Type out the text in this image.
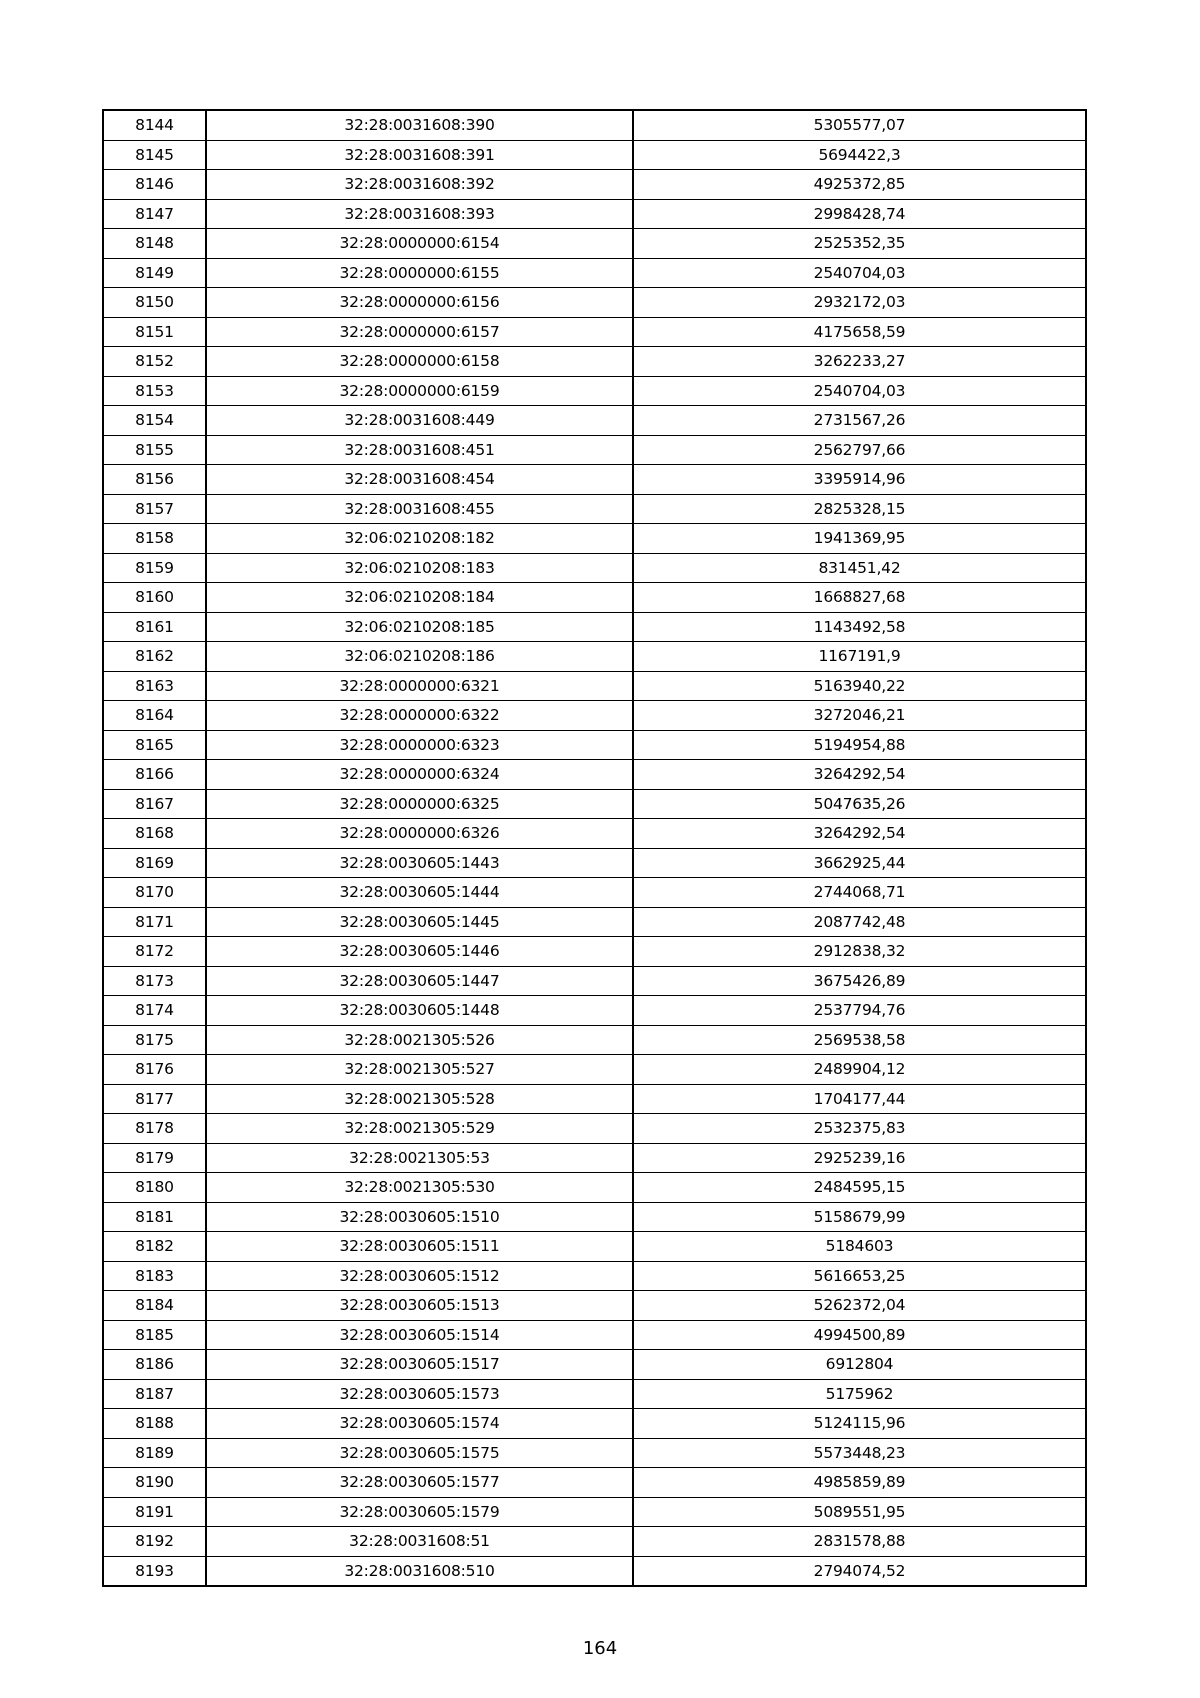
8144	32:28:0031608:390	5305577,07
8145	32:28:0031608:391	5694422,3
8146	32:28:0031608:392	4925372,85
8147	32:28:0031608:393	2998428,74
8148	32:28:0000000:6154	2525352,35
8149	32:28:0000000:6155	2540704,03
8150	32:28:0000000:6156	2932172,03
8151	32:28:0000000:6157	4175658,59
8152	32:28:0000000:6158	3262233,27
8153	32:28:0000000:6159	2540704,03
8154	32:28:0031608:449	2731567,26
8155	32:28:0031608:451	2562797,66
8156	32:28:0031608:454	3395914,96
8157	32:28:0031608:455	2825328,15
8158	32:06:0210208:182	1941369,95
8159	32:06:0210208:183	831451,42
8160	32:06:0210208:184	1668827,68
8161	32:06:0210208:185	1143492,58
8162	32:06:0210208:186	1167191,9
8163	32:28:0000000:6321	5163940,22
8164	32:28:0000000:6322	3272046,21
8165	32:28:0000000:6323	5194954,88
8166	32:28:0000000:6324	3264292,54
8167	32:28:0000000:6325	5047635,26
8168	32:28:0000000:6326	3264292,54
8169	32:28:0030605:1443	3662925,44
8170	32:28:0030605:1444	2744068,71
8171	32:28:0030605:1445	2087742,48
8172	32:28:0030605:1446	2912838,32
8173	32:28:0030605:1447	3675426,89
8174	32:28:0030605:1448	2537794,76
8175	32:28:0021305:526	2569538,58
8176	32:28:0021305:527	2489904,12
8177	32:28:0021305:528	1704177,44
8178	32:28:0021305:529	2532375,83
8179	32:28:0021305:53	2925239,16
8180	32:28:0021305:530	2484595,15
8181	32:28:0030605:1510	5158679,99
8182	32:28:0030605:1511	5184603
8183	32:28:0030605:1512	5616653,25
8184	32:28:0030605:1513	5262372,04
8185	32:28:0030605:1514	4994500,89
8186	32:28:0030605:1517	6912804
8187	32:28:0030605:1573	5175962
8188	32:28:0030605:1574	5124115,96
8189	32:28:0030605:1575	5573448,23
8190	32:28:0030605:1577	4985859,89
8191	32:28:0030605:1579	5089551,95
8192	32:28:0031608:51	2831578,88
8193	32:28:0031608:510	2794074,52
164
